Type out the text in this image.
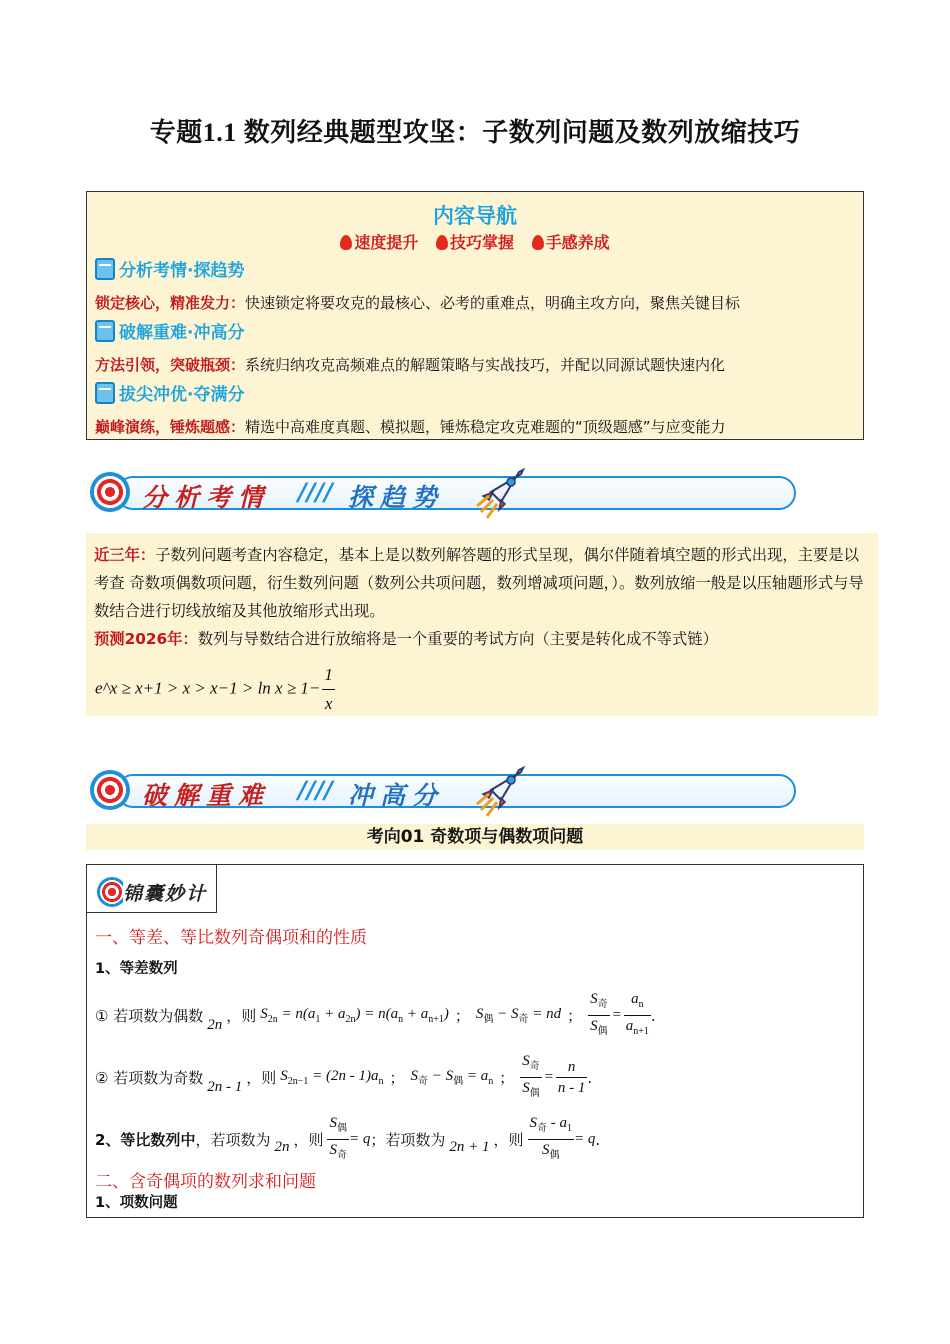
专题1.1 数列经典题型攻坚：子数列问题及数列放缩技巧
内容导航
速度提升 技巧掌握 手感养成
分析考情·探趋势
锁定核心，精准发力：快速锁定将要攻克的最核心、必考的重难点，明确主攻方向，聚焦关键目标
破解重难·冲高分
方法引领，突破瓶颈：系统归纳攻克高频难点的解题策略与实战技巧，并配以同源试题快速内化
拔尖冲优·夺满分
巅峰演练，锤炼题感：精选中高难度真题、模拟题，锤炼稳定攻克难题的“顶级题感”与应变能力
分析考情 //// 探趋势
近三年：子数列问题考查内容稳定，基本上是以数列解答题的形式呈现，偶尔伴随着填空题的形式出现，主要是以考查 奇数项偶数项问题，衍生数列问题（数列公共项问题，数列增减项问题，）。数列放缩一般是以压轴题形式与导数结合进行切线放缩及其他放缩形式出现。
预测2026年：数列与导数结合进行放缩将是一个重要的考试方向（主要是转化成不等式链）
e^x ≥ $x+1 > x > x-1 > \ln x \ge 1- \frac{1}{x}$
破解重难 //// 冲高分
考向01 奇数项与偶数项问题
锦囊妙计
一、等差、等比数列奇偶项和的性质
1、等差数列
① 若项数为偶数 2n ，则 $S_{2n} = n(a_1 + a_{2n}) = n(a_n + a_{n+1})$ ； $S_偶 - S_奇$ = nd ；
$S_奇$
$S_偶$
= $\frac{a_n}{a_{n+1}}$ .
② 若项数为奇数 2n - 1 ，则 $S_{2n-1} = (2n - 1)a_n$ ； $S_奇 - S_偶 = a_n$ ；
$S_奇$
$S_偶$
= $\frac{n}{n - 1}$ .
2、等比数列中 ，若项数为 2n ，则
$S_偶$
$S_奇$
= q ；若项数为 2n + 1 ，则
$S_奇 - a_1$
$S_偶$
= q .
二、含奇偶项的数列求和问题
1、项数问题
